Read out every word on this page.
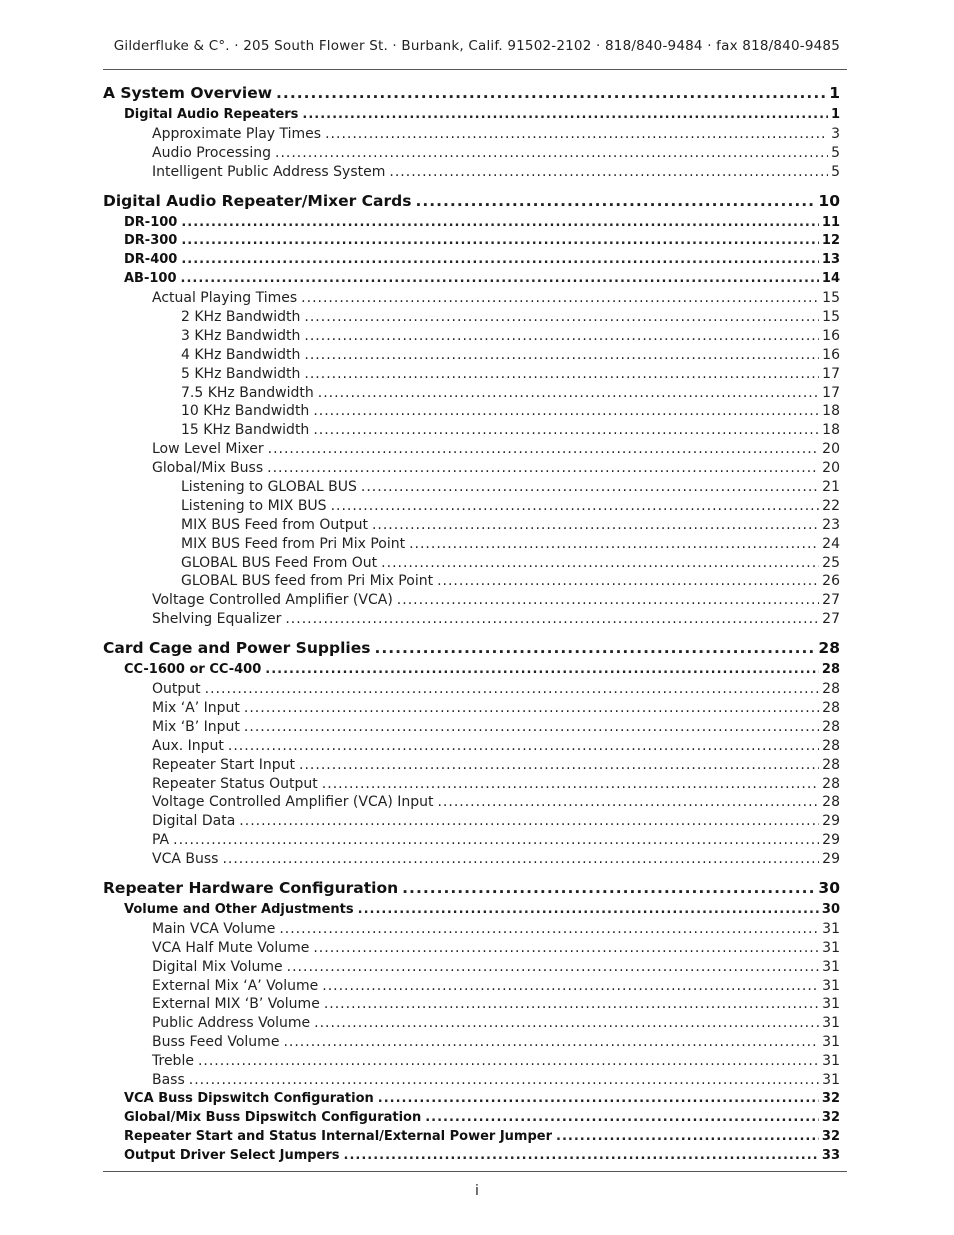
Gilderfluke & C°. · 205 South Flower St. · Burbank, Calif. 91502-2102 · 818/840-9484 · fax 818/840-9485
A System Overview .....	1
Digital Audio Repeaters .....	1
Approximate Play Times .....	3
Audio Processing .....	5
Intelligent Public Address System .....	5
Digital Audio Repeater/Mixer Cards .....	10
DR-100 .....	11
DR-300 .....	12
DR-400 .....	13
AB-100 .....	14
Actual Playing Times .....	15
2 KHz Bandwidth .....	15
3 KHz Bandwidth .....	16
4 KHz Bandwidth .....	16
5 KHz Bandwidth .....	17
7.5 KHz Bandwidth .....	17
10 KHz Bandwidth .....	18
15 KHz Bandwidth .....	18
Low Level Mixer .....	20
Global/Mix Buss .....	20
Listening to GLOBAL BUS .....	21
Listening to MIX BUS .....	22
MIX BUS Feed from Output .....	23
MIX BUS Feed from Pri Mix Point .....	24
GLOBAL BUS Feed From Out .....	25
GLOBAL BUS feed from Pri Mix Point .....	26
Voltage Controlled Amplifier (VCA) .....	27
Shelving Equalizer .....	27
Card Cage and Power Supplies .....	28
CC-1600 or CC-400 .....	28
Output .....	28
Mix ‘A’ Input .....	28
Mix ‘B’ Input .....	28
Aux. Input .....	28
Repeater Start Input .....	28
Repeater Status Output .....	28
Voltage Controlled Amplifier (VCA) Input .....	28
Digital Data .....	29
PA .....	29
VCA Buss .....	29
Repeater Hardware Configuration .....	30
Volume and Other Adjustments .....	30
Main VCA Volume .....	31
VCA Half Mute Volume .....	31
Digital Mix Volume .....	31
External Mix ‘A’ Volume .....	31
External MIX ‘B’ Volume .....	31
Public Address Volume .....	31
Buss Feed Volume .....	31
Treble .....	31
Bass .....	31
VCA Buss Dipswitch Configuration .....	32
Global/Mix Buss Dipswitch Configuration .....	32
Repeater Start and Status Internal/External Power Jumper .....	32
Output Driver Select Jumpers .....	33
i
